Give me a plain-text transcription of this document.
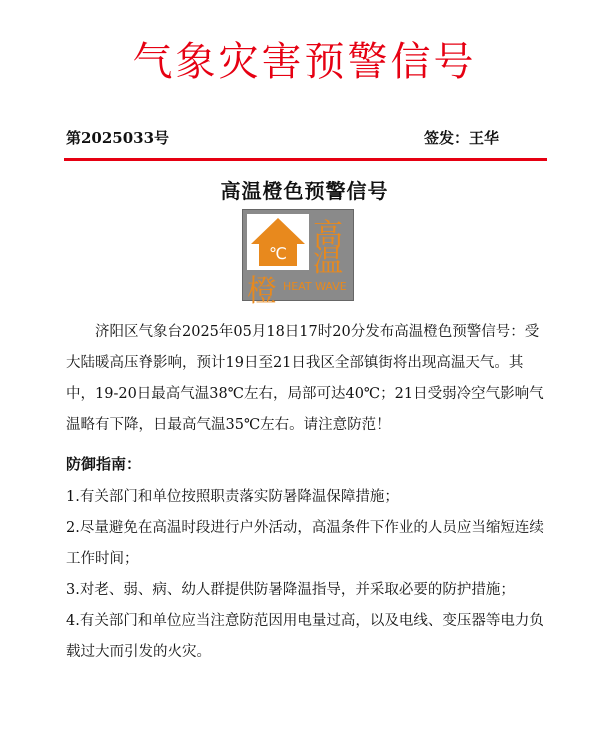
气象灾害预警信号
第2025033号	签发：王华
高温橙色预警信号
℃
高
温
橙 HEAT WAVE

济阳区气象台2025年05月18日17时20分发布高温橙色预警信号：受大陆暖高压脊影响，预计19日至21日我区全部镇街将出现高温天气。其中，19-20日最高气温38℃左右，局部可达40℃；21日受弱冷空气影响气温略有下降，日最高气温35℃左右。请注意防范！

防御指南：

1.有关部门和单位按照职责落实防暑降温保障措施；

2.尽量避免在高温时段进行户外活动，高温条件下作业的人员应当缩短连续工作时间；

3.对老、弱、病、幼人群提供防暑降温指导，并采取必要的防护措施；

4.有关部门和单位应当注意防范因用电量过高，以及电线、变压器等电力负载过大而引发的火灾。
